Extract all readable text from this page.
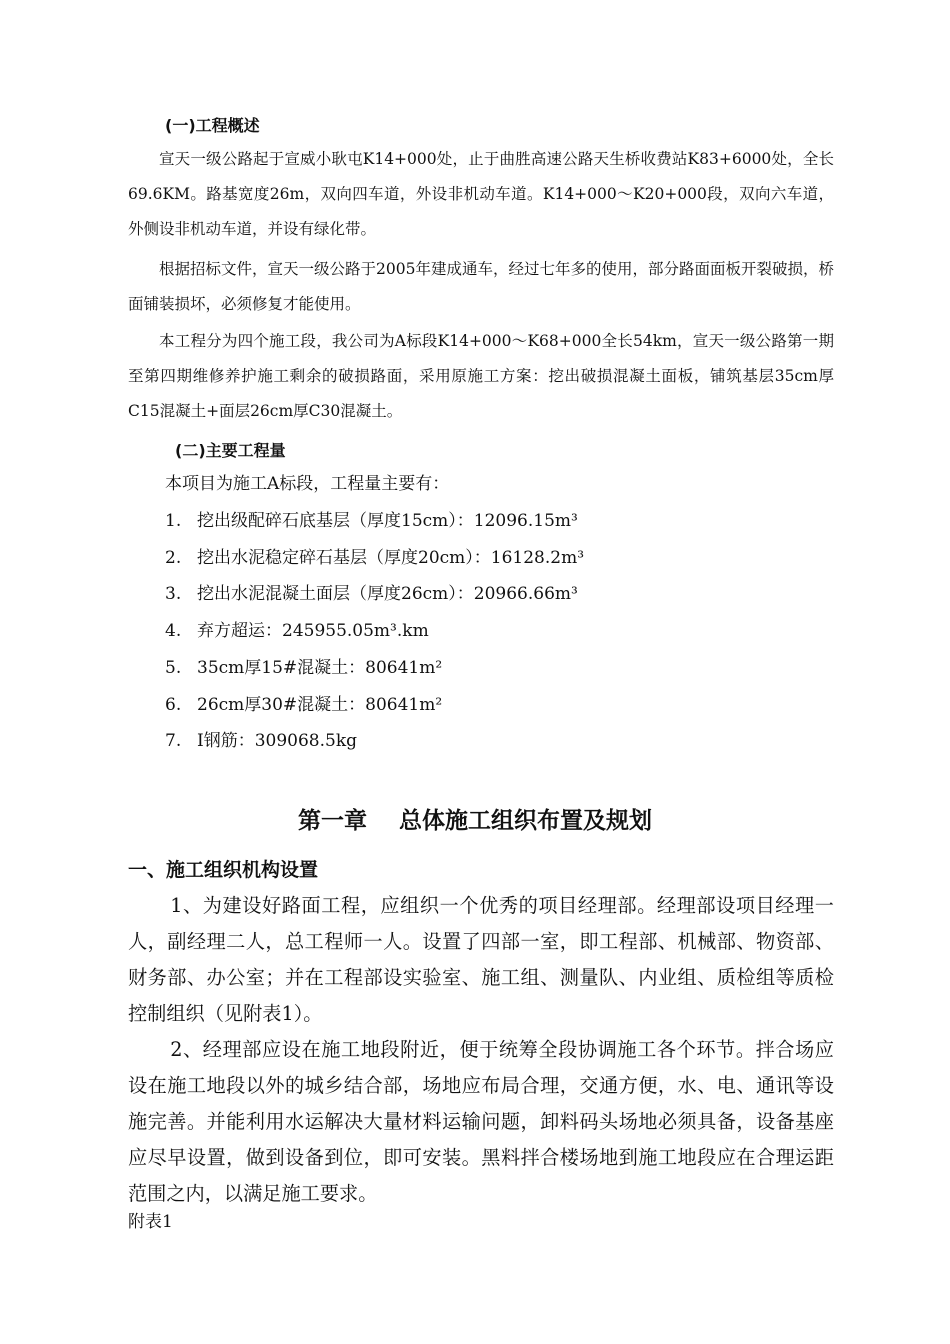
(一)工程概述

宣天一级公路起于宣威小耿屯K14+000处，止于曲胜高速公路天生桥收费站K83+6000处，全长69.6KM。路基宽度26m，双向四车道，外设非机动车道。K14+000～K20+000段，双向六车道，外侧设非机动车道，并设有绿化带。

根据招标文件，宣天一级公路于2005年建成通车，经过七年多的使用，部分路面面板开裂破损，桥面铺装损坏，必须修复才能使用。

本工程分为四个施工段，我公司为A标段K14+000～K68+000全长54km，宣天一级公路第一期至第四期维修养护施工剩余的破损路面，采用原施工方案：挖出破损混凝土面板，铺筑基层35cm厚C15混凝土+面层26cm厚C30混凝土。

(二)主要工程量

本项目为施工A标段，工程量主要有：

1. 挖出级配碎石底基层（厚度15cm）：12096.15m³
2. 挖出水泥稳定碎石基层（厚度20cm）：16128.2m³
3. 挖出水泥混凝土面层（厚度26cm）：20966.66m³
4. 弃方超运：245955.05m³.km
5. 35cm厚15#混凝土：80641m²
6. 26cm厚30#混凝土：80641m²
7. Ⅰ钢筋：309068.5kg
第一章    总体施工组织布置及规划
一、施工组织机构设置

1、为建设好路面工程，应组织一个优秀的项目经理部。经理部设项目经理一人，副经理二人，总工程师一人。设置了四部一室，即工程部、机械部、物资部、财务部、办公室；并在工程部设实验室、施工组、测量队、内业组、质检组等质检控制组织（见附表1）。

2、经理部应设在施工地段附近，便于统筹全段协调施工各个环节。拌合场应设在施工地段以外的城乡结合部，场地应布局合理，交通方便，水、电、通讯等设施完善。并能利用水运解决大量材料运输问题，卸料码头场地必须具备，设备基座应尽早设置，做到设备到位，即可安装。黑料拌合楼场地到施工地段应在合理运距范围之内，以满足施工要求。

附表1
